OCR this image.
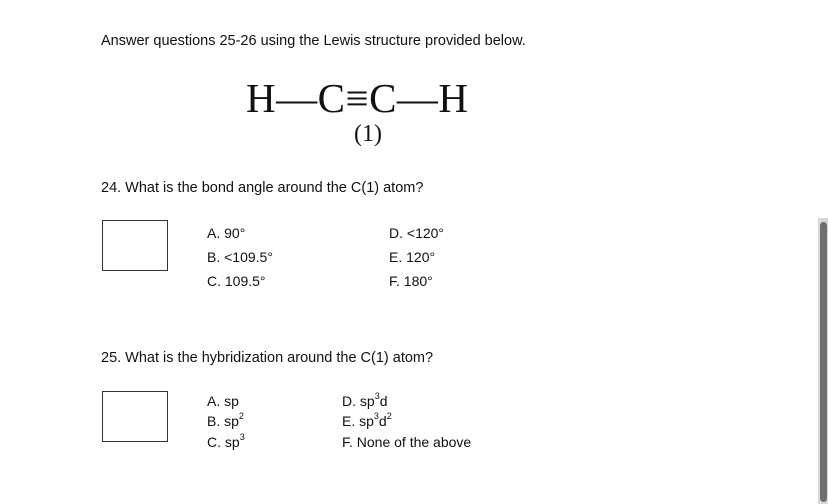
Answer questions 25-26 using the Lewis structure provided below.
H—C≡C—H
(1)
24. What is the bond angle around the C(1) atom?
A. 90°
B. <109.5°
C. 109.5°
D. <120°
E. 120°
F. 180°
25. What is the hybridization around the C(1) atom?
A. sp
B. $sp^2$
C. $sp^3$
D. $sp^3d$
E. $sp^3d^2$
F. None of the above
